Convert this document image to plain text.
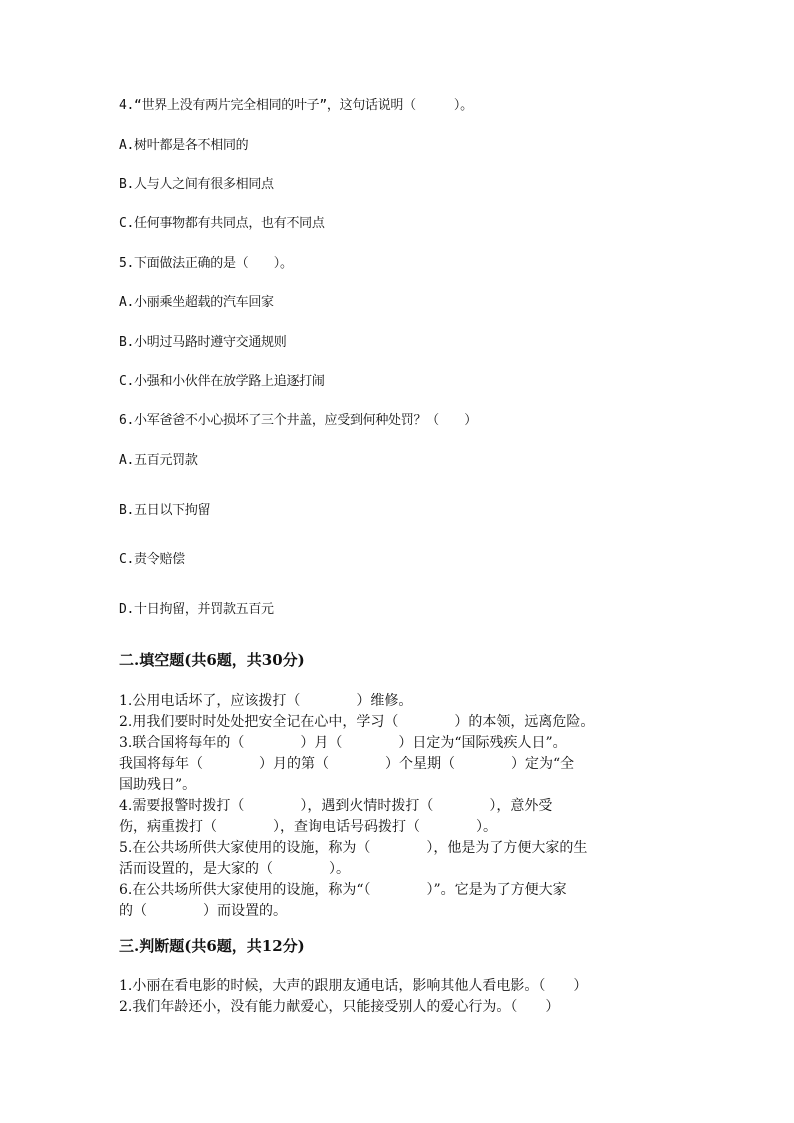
4.“世界上没有两片完全相同的叶子”，这句话说明（　　　）。
A.树叶都是各不相同的
B.人与人之间有很多相同点
C.任何事物都有共同点，也有不同点
5.下面做法正确的是（　　）。
A.小丽乘坐超载的汽车回家
B.小明过马路时遵守交通规则
C.小强和小伙伴在放学路上追逐打闹
6.小军爸爸不小心损坏了三个井盖，应受到何种处罚？（　　）
A.五百元罚款
B.五日以下拘留
C.责令赔偿
D.十日拘留，并罚款五百元
二.填空题(共6题，共30分)
1.公用电话坏了，应该拨打（　　　　）维修。
2.用我们要时时处处把安全记在心中，学习（　　　　）的本领，远离危险。
3.联合国将每年的（　　　　）月（　　　　）日定为“国际残疾人日”。
我国将每年（　　　　）月的第（　　　　）个星期（　　　　）定为“全
国助残日”。
4.需要报警时拨打（　　　　），遇到火情时拨打（　　　　），意外受
伤，病重拨打（　　　　），查询电话号码拨打（　　　　）。
5.在公共场所供大家使用的设施，称为（　　　　），他是为了方便大家的生
活而设置的，是大家的（　　　　）。
6.在公共场所供大家使用的设施，称为“（　　　　）”。它是为了方便大家
的（　　　　）而设置的。
三.判断题(共6题，共12分)
1.小丽在看电影的时候，大声的跟朋友通电话，影响其他人看电影。（　　）
2.我们年龄还小，没有能力献爱心，只能接受别人的爱心行为。（　　）
